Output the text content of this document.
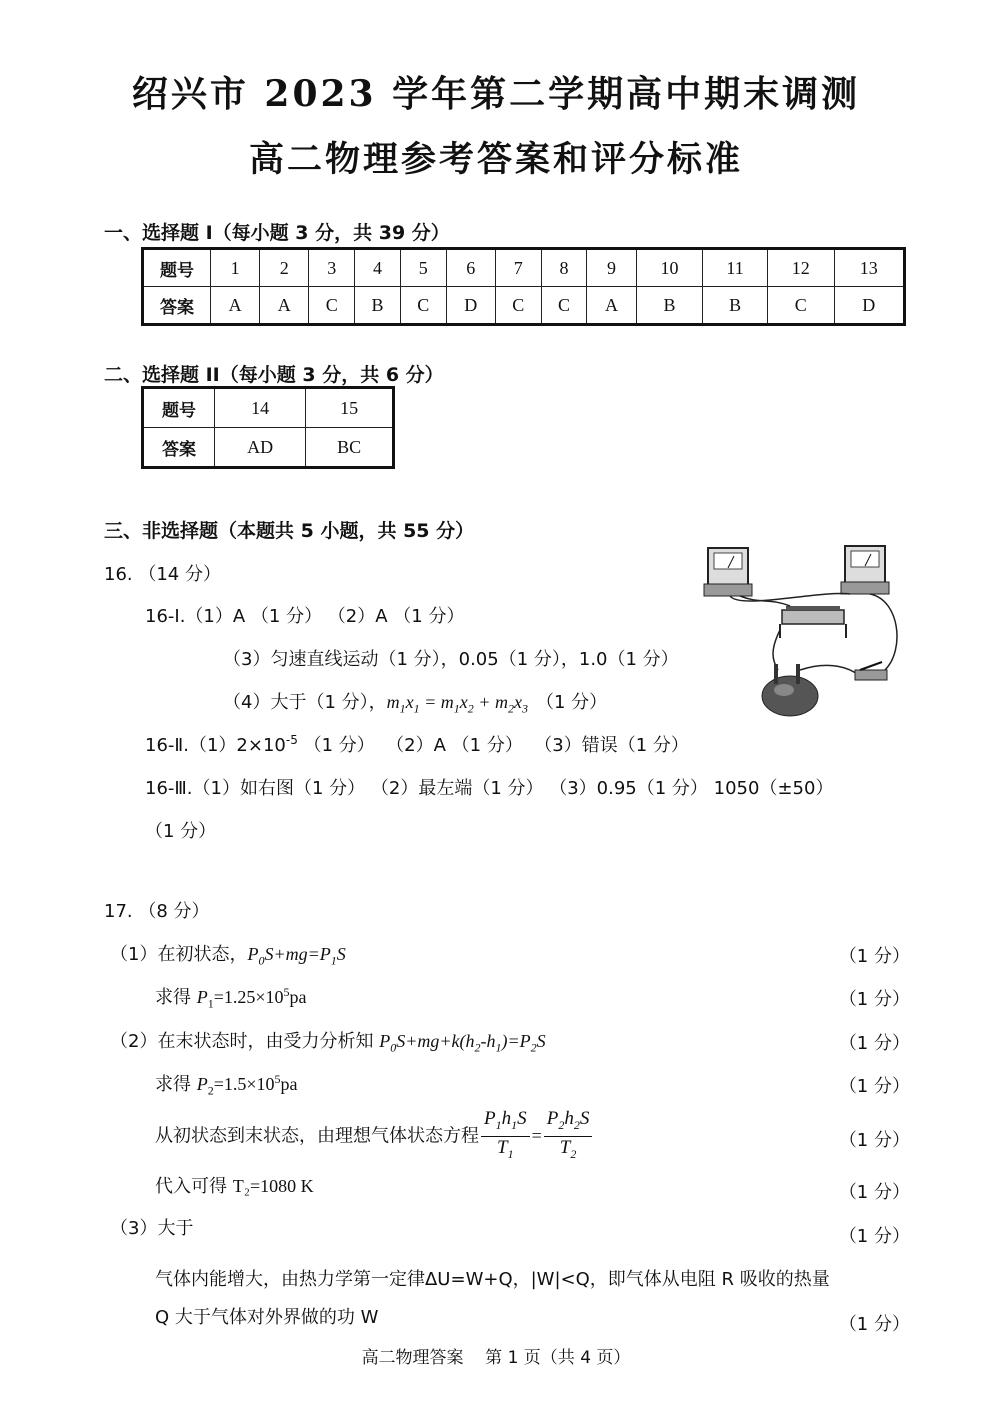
绍兴市 2023 学年第二学期高中期末调测
高二物理参考答案和评分标准
一、选择题 I（每小题 3 分，共 39 分）
题号	1	2	3	4	5	6	7	8	9	10	11	12	13
答案	A	A	C	B	C	D	C	C	A	B	B	C	D
二、选择题 II（每小题 3 分，共 6 分）
题号	14	15
答案	AD	BC
三、非选择题（本题共 5 小题，共 55 分）
16. （14 分）
16-Ⅰ.（1）A （1 分） （2）A （1 分）
（3）匀速直线运动（1 分），0.05（1 分），1.0（1 分）
（4）大于（1 分），$m_1x_1 = m_1x_2 + m_2x_3$ （1 分）
$16-Ⅱ.(1)2\times 10^{-5}$ （1 分）  （2）A （1 分）  （3）错误（1 分）
16-Ⅲ.（1）如右图（1 分） （2）最左端（1 分） （3）0.95（1 分） 1050（±50）
（1 分）
17. （8 分）
（1）在初状态，$P_0S+mg=P_1S$	（1 分）
求得 $P_1=1.25\times 10^5pa$	（1 分）
（2）在末状态时，由受力分析知 $P_0S+mg+k(h_2-h_1)=P_2S$	（1 分）
求得 $P_2=1.5\times 10^5pa$	（1 分）
从初状态到末状态，由理想气体状态方程 $\frac{P_1h_1S}{T_1} = \frac{P_2h_2S}{T_2}$	（1 分）
代入可得 T₂=1080 K	（1 分）
（3）大于	（1 分）
气体内能增大，由热力学第一定律ΔU=W+Q，|W|<Q，即气体从电阻 R 吸收的热量
Q 大于气体对外界做的功 W	（1 分）
高二物理答案    第 1 页（共 4 页）
